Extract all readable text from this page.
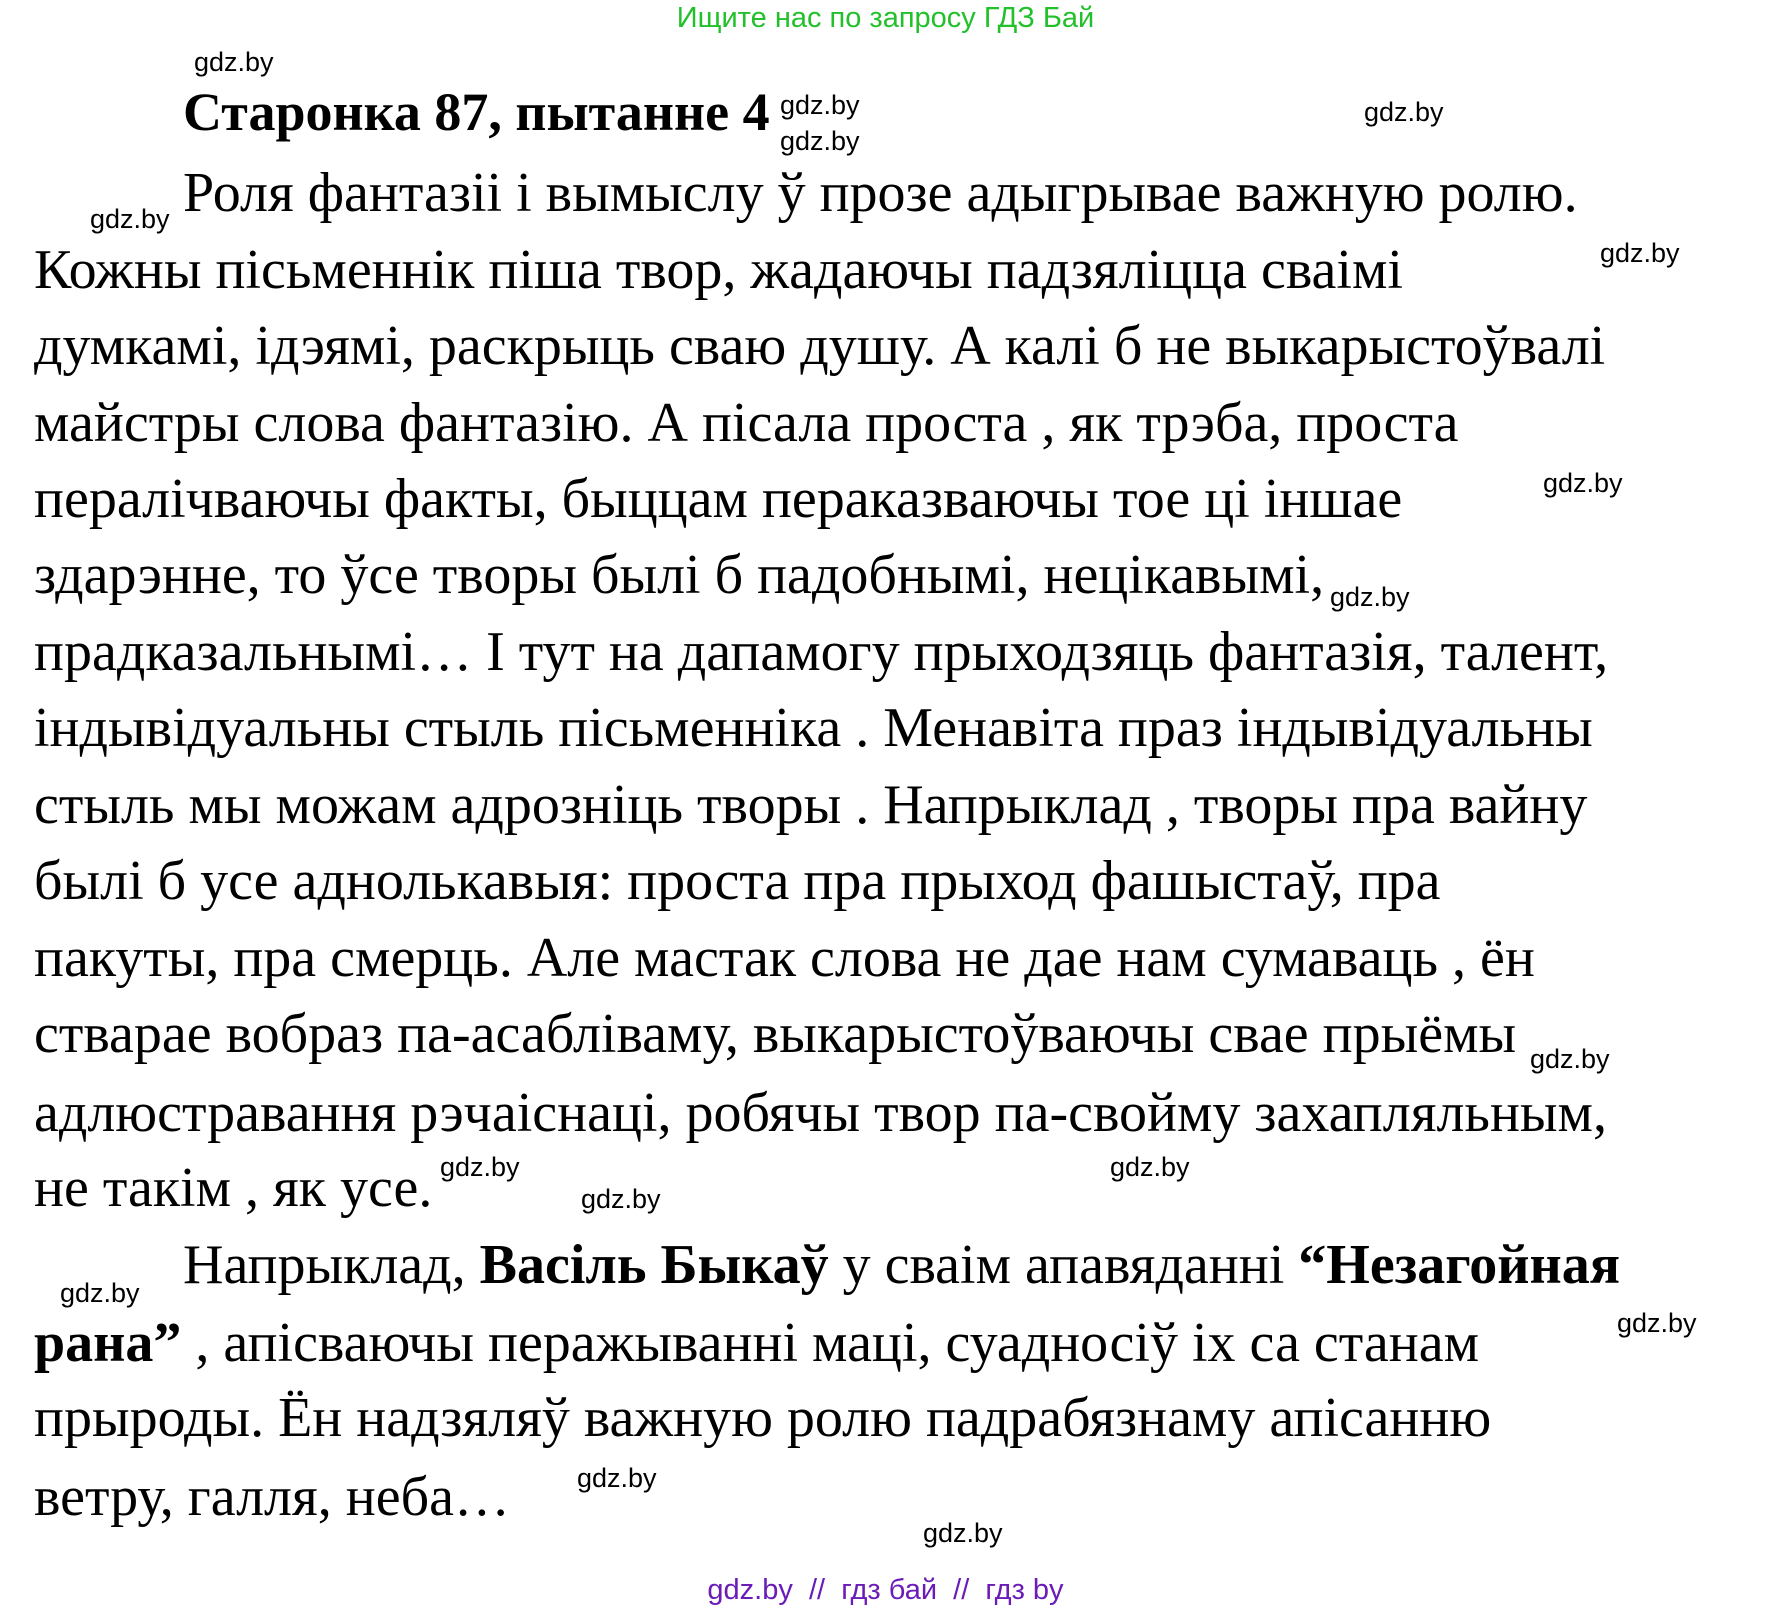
Ищите нас по запросу ГДЗ Бай
Старонка 87, пытанне 4
Роля фантазіі і вымыслу ў прозе адыгрывае важную ролю.
Кожны пісьменнік піша твор, жадаючы падзяліцца сваімі
думкамі, ідэямі, раскрыць сваю душу. А калі б не выкарыстоўвалі
майстры слова фантазію. А пісала проста , як трэба, проста
пералічваючы факты, быццам пераказваючы тое ці іншае
здарэнне, то ўсе творы былі б падобнымі, нецікавымі,
прадказальнымі… І тут на дапамогу прыходзяць фантазія, талент,
індывідуальны стыль пісьменніка . Менавіта праз індывідуальны
стыль мы можам адрозніць творы . Напрыклад , творы пра вайну
былі б усе аднолькавыя: проста пра прыход фашыстаў, пра
пакуты, пра смерць. Але мастак слова не дае нам сумаваць , ён
стварае вобраз па-асабліваму, выкарыстоўваючы свае прыёмы
адлюстравання рэчаіснаці, робячы твор па-свойму захапляльным,
не такім , як усе.
Напрыклад, Васіль Быкаў у сваім апавяданні “Незагойная
рана” , апісваючы перажыванні маці, суадносіў іх са станам
прыроды. Ён надзяляў важную ролю падрабязнаму апісанню
ветру, галля, неба…
gdz.by
gdz.by
gdz.by
gdz.by
gdz.by
gdz.by
gdz.by
gdz.by
gdz.by
gdz.by
gdz.by
gdz.by
gdz.by
gdz.by
gdz.by
gdz.by
gdz.by  //  гдз бай  //  гдз by
